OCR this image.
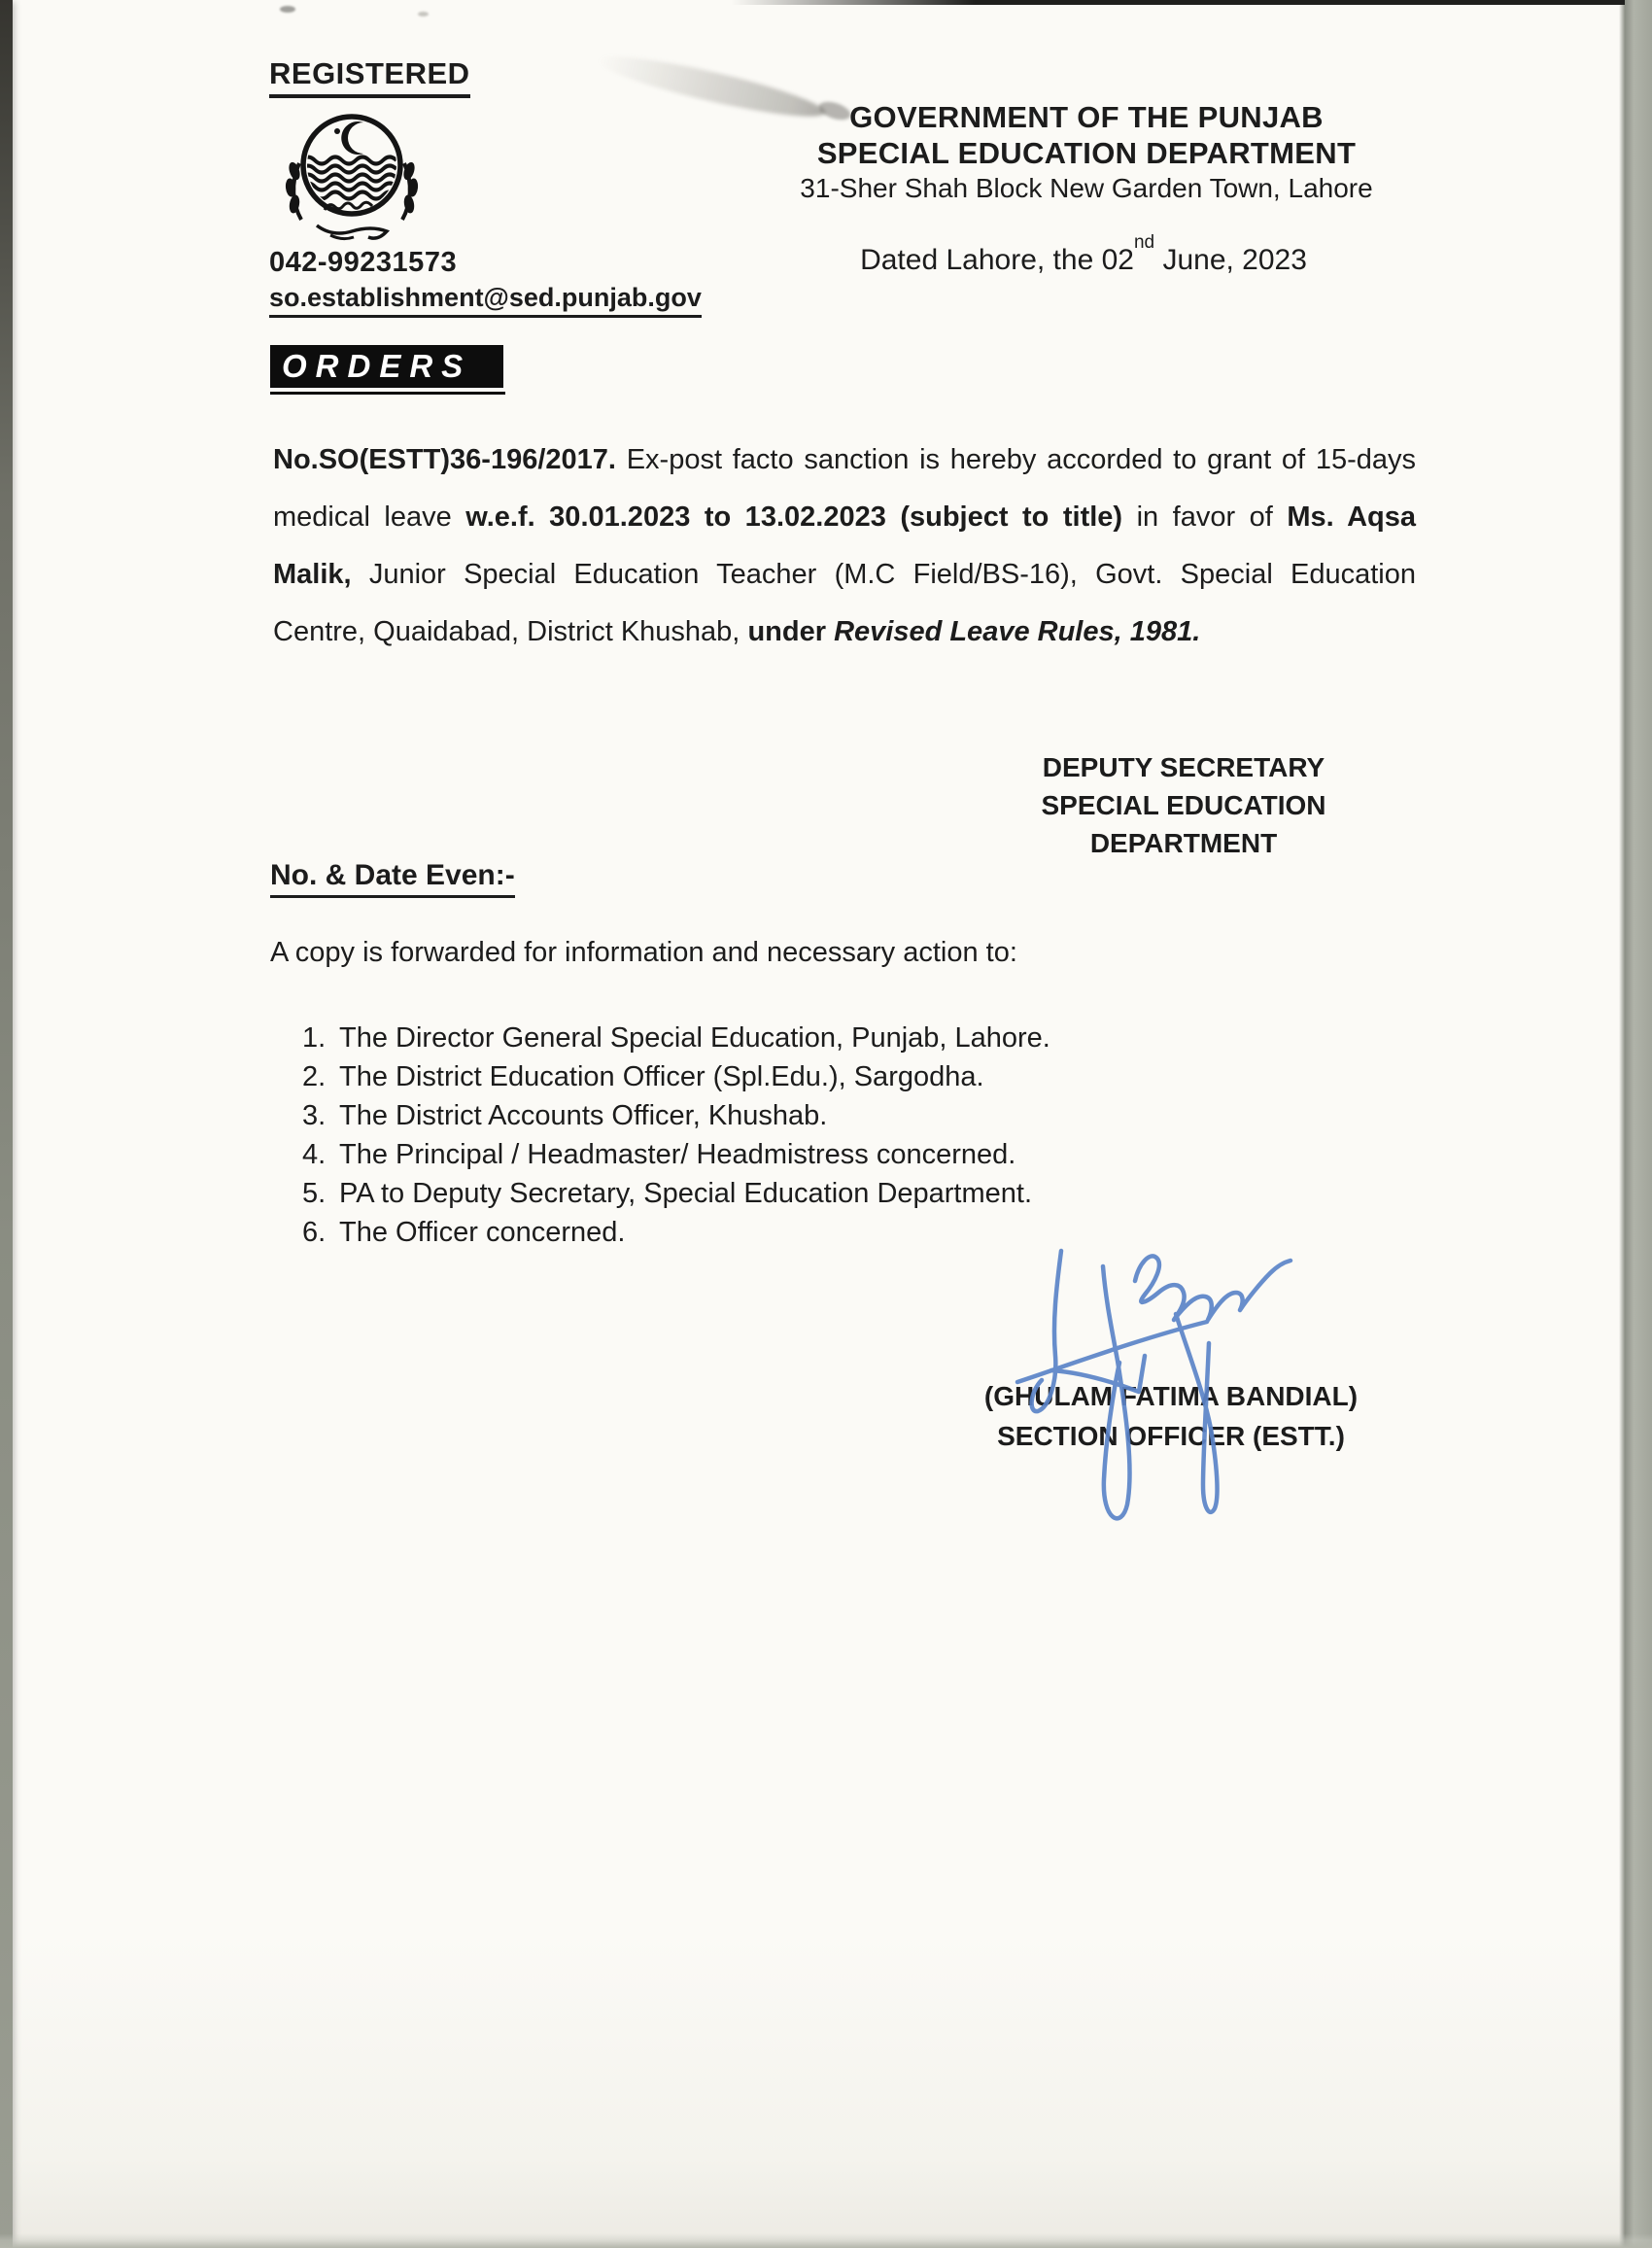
REGISTERED
042-99231573
so.establishment@sed.punjab.gov
GOVERNMENT OF THE PUNJAB
SPECIAL EDUCATION DEPARTMENT
31-Sher Shah Block New Garden Town, Lahore
Dated Lahore, the 02nd June, 2023
ORDERS

No.SO(ESTT)36-196/2017. Ex-post facto sanction is hereby accorded to grant of 15-days medical leave w.e.f. 30.01.2023 to 13.02.2023 (subject to title) in favor of Ms. Aqsa Malik, Junior Special Education Teacher (M.C Field/BS-16), Govt. Special Education Centre, Quaidabad, District Khushab, under Revised Leave Rules, 1981.

DEPUTY SECRETARY
SPECIAL EDUCATION
DEPARTMENT
No. & Date Even:-
A copy is forwarded for information and necessary action to:
1. The Director General Special Education, Punjab, Lahore.
2. The District Education Officer (Spl.Edu.), Sargodha.
3. The District Accounts Officer, Khushab.
4. The Principal / Headmaster/ Headmistress concerned.
5. PA to Deputy Secretary, Special Education Department.
6. The Officer concerned.
(GHULAM FATIMA BANDIAL)
SECTION OFFICER (ESTT.)
